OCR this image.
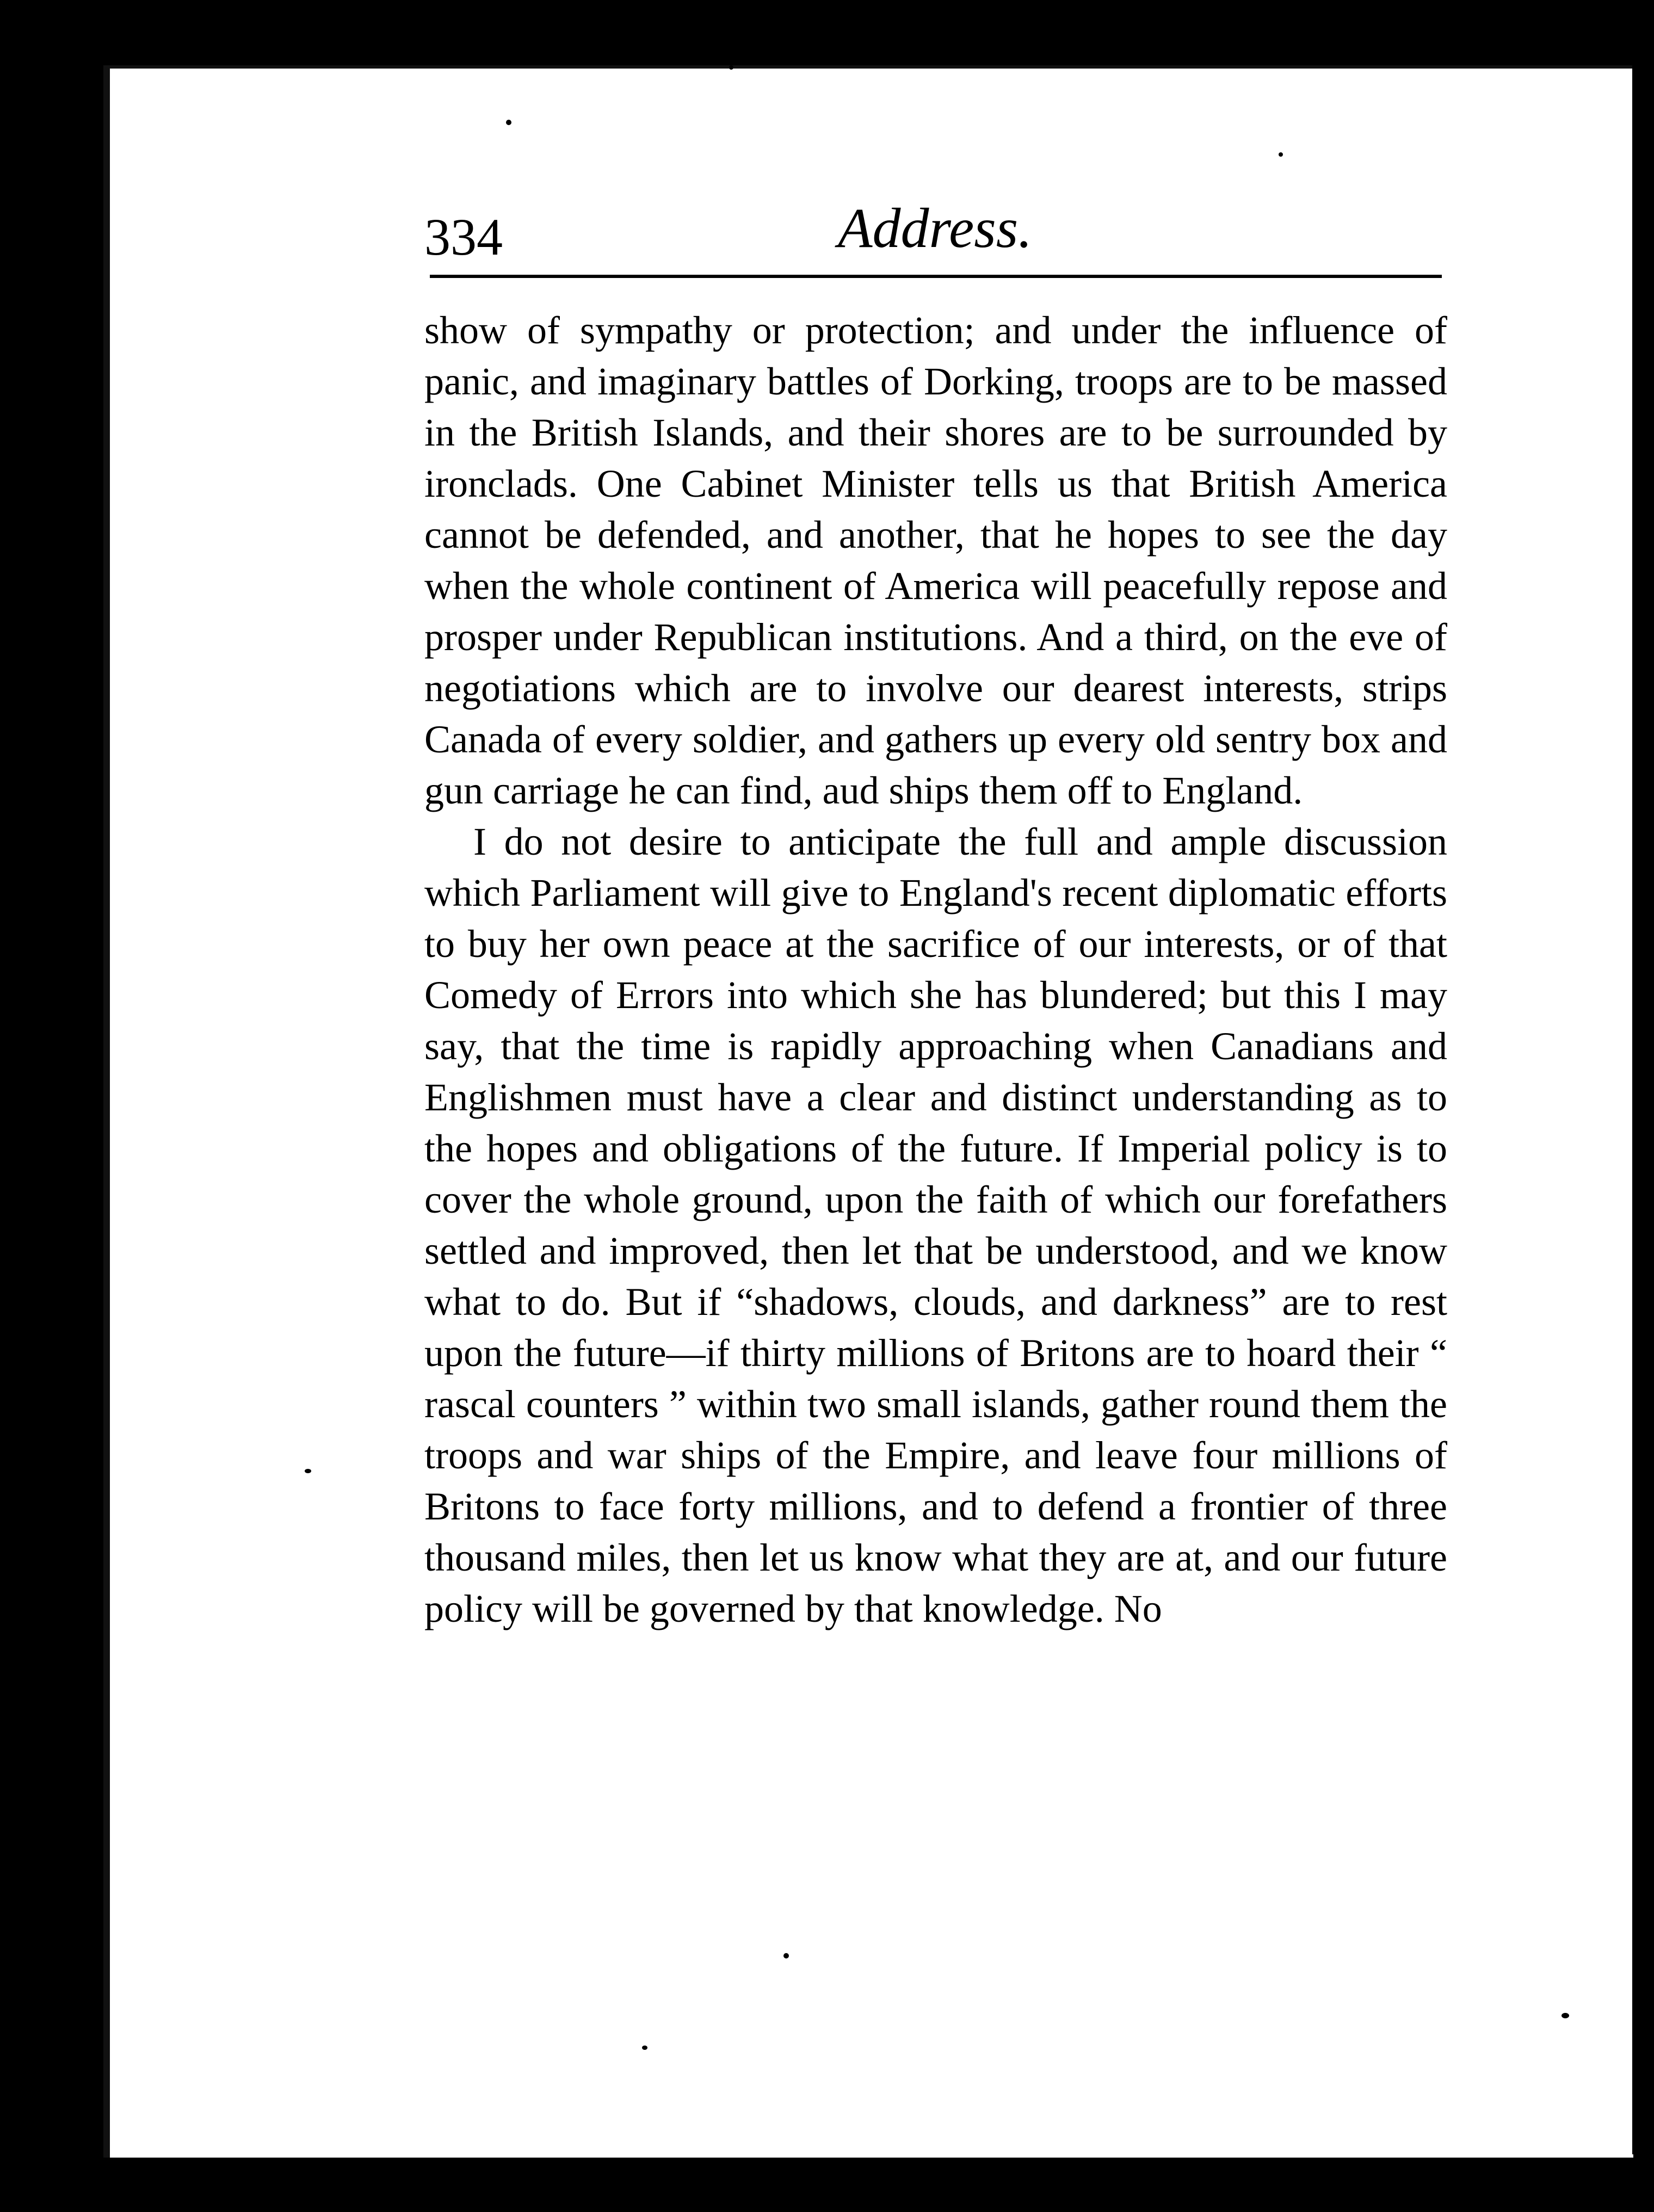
334	Address.

show of sympathy or protection; and under the influence of panic, and imaginary battles of Dorking, troops are to be massed in the British Islands, and their shores are to be surrounded by ironclads. One Cabinet Minister tells us that British America cannot be defended, and another, that he hopes to see the day when the whole continent of America will peacefully repose and prosper under Republican institutions. And a third, on the eve of negotiations which are to involve our dearest interests, strips Canada of every soldier, and gathers up every old sentry box and gun carriage he can find, aud ships them off to England.

I do not desire to anticipate the full and ample discussion which Parliament will give to England's recent diplomatic efforts to buy her own peace at the sacrifice of our interests, or of that Comedy of Errors into which she has blundered; but this I may say, that the time is rapidly approaching when Canadians and Englishmen must have a clear and distinct understanding as to the hopes and obligations of the future. If Imperial policy is to cover the whole ground, upon the faith of which our forefathers settled and improved, then let that be understood, and we know what to do. But if “shadows, clouds, and darkness” are to rest upon the future—if thirty millions of Britons are to hoard their “ rascal counters ” within two small islands, gather round them the troops and war ships of the Empire, and leave four millions of Britons to face forty millions, and to defend a frontier of three thousand miles, then let us know what they are at, and our future policy will be governed by that knowledge. No
